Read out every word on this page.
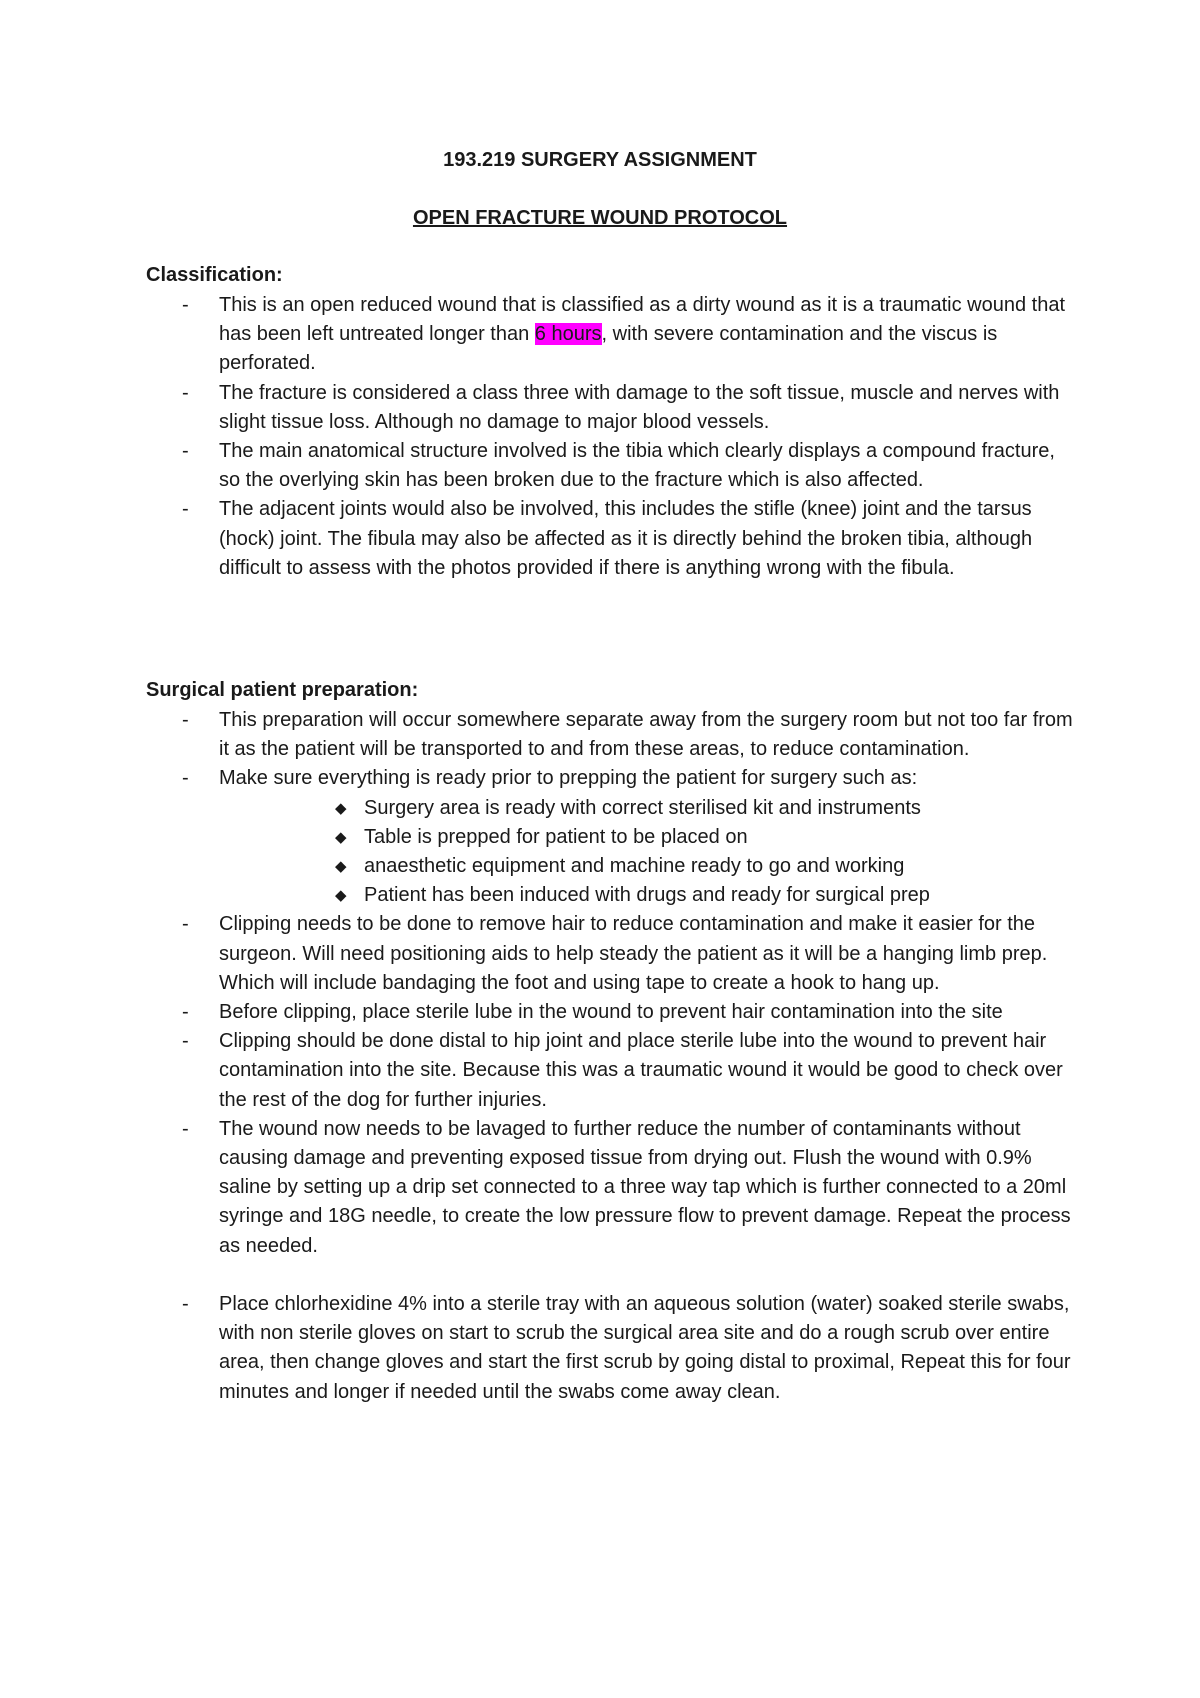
193.219 SURGERY ASSIGNMENT
OPEN FRACTURE WOUND PROTOCOL
Classification:
- This is an open reduced wound that is classified as a dirty wound as it is a traumatic wound that has been left untreated longer than 6 hours, with severe contamination and the viscus is perforated.
- The fracture is considered a class three with damage to the soft tissue, muscle and nerves with slight tissue loss. Although no damage to major blood vessels.
- The main anatomical structure involved is the tibia which clearly displays a compound fracture, so the overlying skin has been broken due to the fracture which is also affected.
- The adjacent joints would also be involved, this includes the stifle (knee) joint and the tarsus (hock) joint. The fibula may also be affected as it is directly behind the broken tibia, although difficult to assess with the photos provided if there is anything wrong with the fibula.
Surgical patient preparation:
- This preparation will occur somewhere separate away from the surgery room but not too far from it as the patient will be transported to and from these areas, to reduce contamination.
- Make sure everything is ready prior to prepping the patient for surgery such as:
◆ Surgery area is ready with correct sterilised kit and instruments
◆ Table is prepped for patient to be placed on
◆ anaesthetic equipment and machine ready to go and working
◆ Patient has been induced with drugs and ready for surgical prep
- Clipping needs to be done to remove hair to reduce contamination and make it easier for the surgeon. Will need positioning aids to help steady the patient as it will be a hanging limb prep. Which will include bandaging the foot and using tape to create a hook to hang up.
- Before clipping, place sterile lube in the wound to prevent hair contamination into the site
- Clipping should be done distal to hip joint and place sterile lube into the wound to prevent hair contamination into the site. Because this was a traumatic wound it would be good to check over the rest of the dog for further injuries.
- The wound now needs to be lavaged to further reduce the number of contaminants without causing damage and preventing exposed tissue from drying out. Flush the wound with 0.9% saline by setting up a drip set connected to a three way tap which is further connected to a 20ml syringe and 18G needle, to create the low pressure flow to prevent damage. Repeat the process as needed.
- Place chlorhexidine 4% into a sterile tray with an aqueous solution (water) soaked sterile swabs, with non sterile gloves on start to scrub the surgical area site and do a rough scrub over entire area, then change gloves and start the first scrub by going distal to proximal, Repeat this for four minutes and longer if needed until the swabs come away clean.
